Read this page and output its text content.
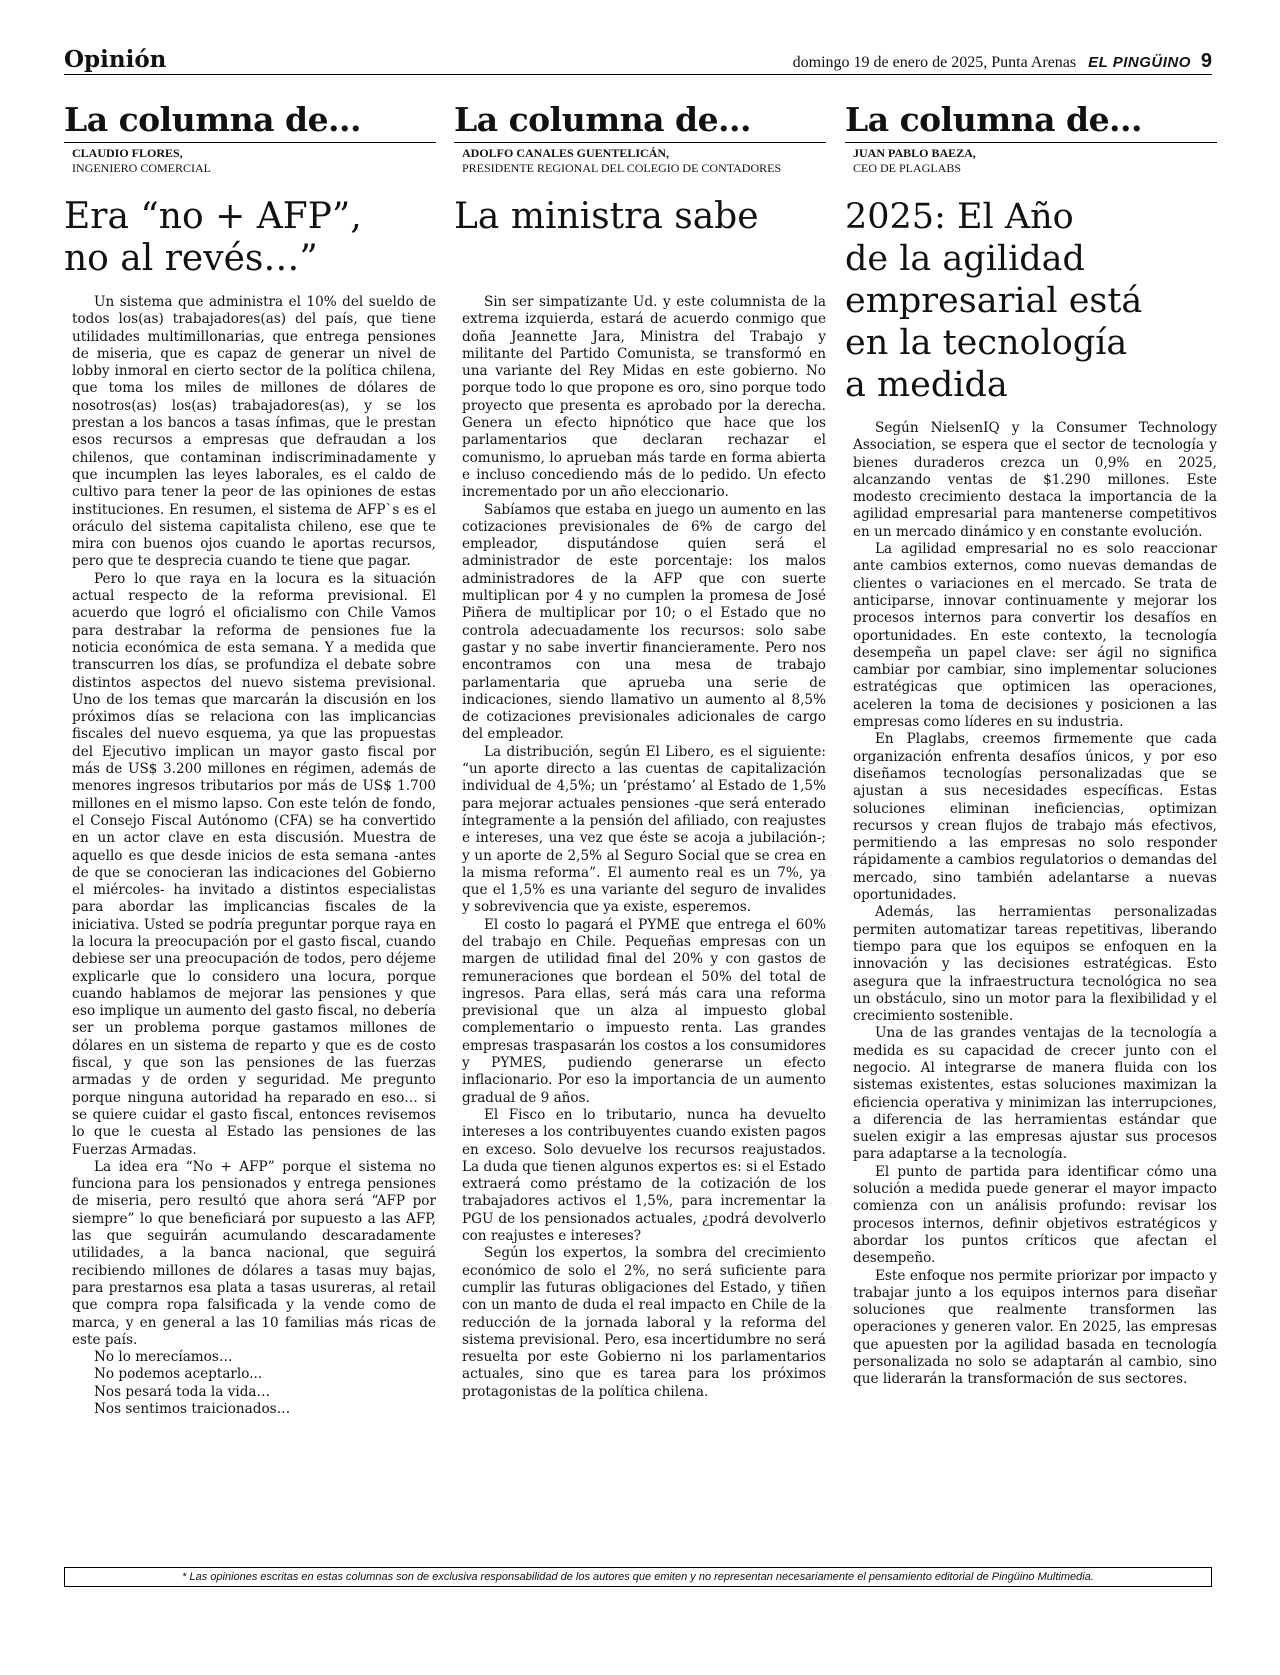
Opinión	domingo 19 de enero de 2025, Punta Arenas EL PINGÜINO 9
La columna de...
CLAUDIO FLORES,
INGENIERO COMERCIAL
Era “no + AFP”,
no al revés…”

Un sistema que administra el 10% del sueldo de todos los(as) trabajadores(as) del país, que tiene utilidades multimillonarias, que entrega pensiones de miseria, que es capaz de generar un nivel de lobby inmoral en cierto sector de la política chilena, que toma los miles de millones de dólares de nosotros(as) los(as) trabajadores(as), y se los prestan a los bancos a tasas ínfimas, que le prestan esos recursos a empresas que defraudan a los chilenos, que contaminan indiscriminadamente y que incumplen las leyes laborales, es el caldo de cultivo para tener la peor de las opiniones de estas instituciones. En resumen, el sistema de AFP`s es el oráculo del sistema capitalista chileno, ese que te mira con buenos ojos cuando le aportas recursos, pero que te desprecia cuando te tiene que pagar.

Pero lo que raya en la locura es la situación actual respecto de la reforma previsional. El acuerdo que logró el oficialismo con Chile Vamos para destrabar la reforma de pensiones fue la noticia económica de esta semana. Y a medida que transcurren los días, se profundiza el debate sobre distintos aspectos del nuevo sistema previsional. Uno de los temas que marcarán la discusión en los próximos días se relaciona con las implicancias fiscales del nuevo esquema, ya que las propuestas del Ejecutivo implican un mayor gasto fiscal por más de US$ 3.200 millones en régimen, además de menores ingresos tributarios por más de US$ 1.700 millones en el mismo lapso. Con este telón de fondo, el Consejo Fiscal Autónomo (CFA) se ha convertido en un actor clave en esta discusión. Muestra de aquello es que desde inicios de esta semana -antes de que se conocieran las indicaciones del Gobierno el miércoles- ha invitado a distintos especialistas para abordar las implicancias fiscales de la iniciativa. Usted se podría preguntar porque raya en la locura la preocupación por el gasto fiscal, cuando debiese ser una preocupación de todos, pero déjeme explicarle que lo considero una locura, porque cuando hablamos de mejorar las pensiones y que eso implique un aumento del gasto fiscal, no debería ser un problema porque gastamos millones de dólares en un sistema de reparto y que es de costo fiscal, y que son las pensiones de las fuerzas armadas y de orden y seguridad. Me pregunto porque ninguna autoridad ha reparado en eso… si se quiere cuidar el gasto fiscal, entonces revisemos lo que le cuesta al Estado las pensiones de las Fuerzas Armadas.

La idea era “No + AFP” porque el sistema no funciona para los pensionados y entrega pensiones de miseria, pero resultó que ahora será “AFP por siempre” lo que beneficiará por supuesto a las AFP, las que seguirán acumulando descaradamente utilidades, a la banca nacional, que seguirá recibiendo millones de dólares a tasas muy bajas, para prestarnos esa plata a tasas usureras, al retail que compra ropa falsificada y la vende como de marca, y en general a las 10 familias más ricas de este país.

No lo merecíamos…

No podemos aceptarlo...

Nos pesará toda la vida…

Nos sentimos traicionados…

La columna de...
ADOLFO CANALES GUENTELICÁN,
PRESIDENTE REGIONAL DEL COLEGIO DE CONTADORES
La ministra sabe

Sin ser simpatizante Ud. y este columnista de la extrema izquierda, estará de acuerdo conmigo que doña Jeannette Jara, Ministra del Trabajo y militante del Partido Comunista, se transformó en una variante del Rey Midas en este gobierno. No porque todo lo que propone es oro, sino porque todo proyecto que presenta es aprobado por la derecha. Genera un efecto hipnótico que hace que los parlamentarios que declaran rechazar el comunismo, lo aprueban más tarde en forma abierta e incluso concediendo más de lo pedido. Un efecto incrementado por un año eleccionario.

Sabíamos que estaba en juego un aumento en las cotizaciones previsionales de 6% de cargo del empleador, disputándose quien será el administrador de este porcentaje: los malos administradores de la AFP que con suerte multiplican por 4 y no cumplen la promesa de José Piñera de multiplicar por 10; o el Estado que no controla adecuadamente los recursos: solo sabe gastar y no sabe invertir financieramente. Pero nos encontramos con una mesa de trabajo parlamentaria que aprueba una serie de indicaciones, siendo llamativo un aumento al 8,5% de cotizaciones previsionales adicionales de cargo del empleador.

La distribución, según El Libero, es el siguiente: “un aporte directo a las cuentas de capitalización individual de 4,5%; un ‘préstamo’ al Estado de 1,5% para mejorar actuales pensiones -que será enterado íntegramente a la pensión del afiliado, con reajustes e intereses, una vez que éste se acoja a jubilación-; y un aporte de 2,5% al Seguro Social que se crea en la misma reforma”. El aumento real es un 7%, ya que el 1,5% es una variante del seguro de invalides y sobrevivencia que ya existe, esperemos.

El costo lo pagará el PYME que entrega el 60% del trabajo en Chile. Pequeñas empresas con un margen de utilidad final del 20% y con gastos de remuneraciones que bordean el 50% del total de ingresos. Para ellas, será más cara una reforma previsional que un alza al impuesto global complementario o impuesto renta. Las grandes empresas traspasarán los costos a los consumidores y PYMES, pudiendo generarse un efecto inflacionario. Por eso la importancia de un aumento gradual de 9 años.

El Fisco en lo tributario, nunca ha devuelto intereses a los contribuyentes cuando existen pagos en exceso. Solo devuelve los recursos reajustados. La duda que tienen algunos expertos es: si el Estado extraerá como préstamo de la cotización de los trabajadores activos el 1,5%, para incrementar la PGU de los pensionados actuales, ¿podrá devolverlo con reajustes e intereses?

Según los expertos, la sombra del crecimiento económico de solo el 2%, no será suficiente para cumplir las futuras obligaciones del Estado, y tiñen con un manto de duda el real impacto en Chile de la reducción de la jornada laboral y la reforma del sistema previsional. Pero, esa incertidumbre no será resuelta por este Gobierno ni los parlamentarios actuales, sino que es tarea para los próximos protagonistas de la política chilena.

La columna de...
JUAN PABLO BAEZA,
CEO DE PLAGLABS
2025: El Año
de la agilidad
empresarial está
en la tecnología
a medida

Según NielsenIQ y la Consumer Technology Association, se espera que el sector de tecnología y bienes duraderos crezca un 0,9% en 2025, alcanzando ventas de $1.290 millones. Este modesto crecimiento destaca la importancia de la agilidad empresarial para mantenerse competitivos en un mercado dinámico y en constante evolución.

La agilidad empresarial no es solo reaccionar ante cambios externos, como nuevas demandas de clientes o variaciones en el mercado. Se trata de anticiparse, innovar continuamente y mejorar los procesos internos para convertir los desafíos en oportunidades. En este contexto, la tecnología desempeña un papel clave: ser ágil no significa cambiar por cambiar, sino implementar soluciones estratégicas que optimicen las operaciones, aceleren la toma de decisiones y posicionen a las empresas como líderes en su industria.

En Plaglabs, creemos firmemente que cada organización enfrenta desafíos únicos, y por eso diseñamos tecnologías personalizadas que se ajustan a sus necesidades específicas. Estas soluciones eliminan ineficiencias, optimizan recursos y crean flujos de trabajo más efectivos, permitiendo a las empresas no solo responder rápidamente a cambios regulatorios o demandas del mercado, sino también adelantarse a nuevas oportunidades.

Además, las herramientas personalizadas permiten automatizar tareas repetitivas, liberando tiempo para que los equipos se enfoquen en la innovación y las decisiones estratégicas. Esto asegura que la infraestructura tecnológica no sea un obstáculo, sino un motor para la flexibilidad y el crecimiento sostenible.

Una de las grandes ventajas de la tecnología a medida es su capacidad de crecer junto con el negocio. Al integrarse de manera fluida con los sistemas existentes, estas soluciones maximizan la eficiencia operativa y minimizan las interrupciones, a diferencia de las herramientas estándar que suelen exigir a las empresas ajustar sus procesos para adaptarse a la tecnología.

El punto de partida para identificar cómo una solución a medida puede generar el mayor impacto comienza con un análisis profundo: revisar los procesos internos, definir objetivos estratégicos y abordar los puntos críticos que afectan el desempeño.

Este enfoque nos permite priorizar por impacto y trabajar junto a los equipos internos para diseñar soluciones que realmente transformen las operaciones y generen valor. En 2025, las empresas que apuesten por la agilidad basada en tecnología personalizada no solo se adaptarán al cambio, sino que liderarán la transformación de sus sectores.

* Las opiniones escritas en estas columnas son de exclusiva responsabilidad de los autores que emiten y no representan necesariamente el pensamiento editorial de Pingüino Multimedia.
